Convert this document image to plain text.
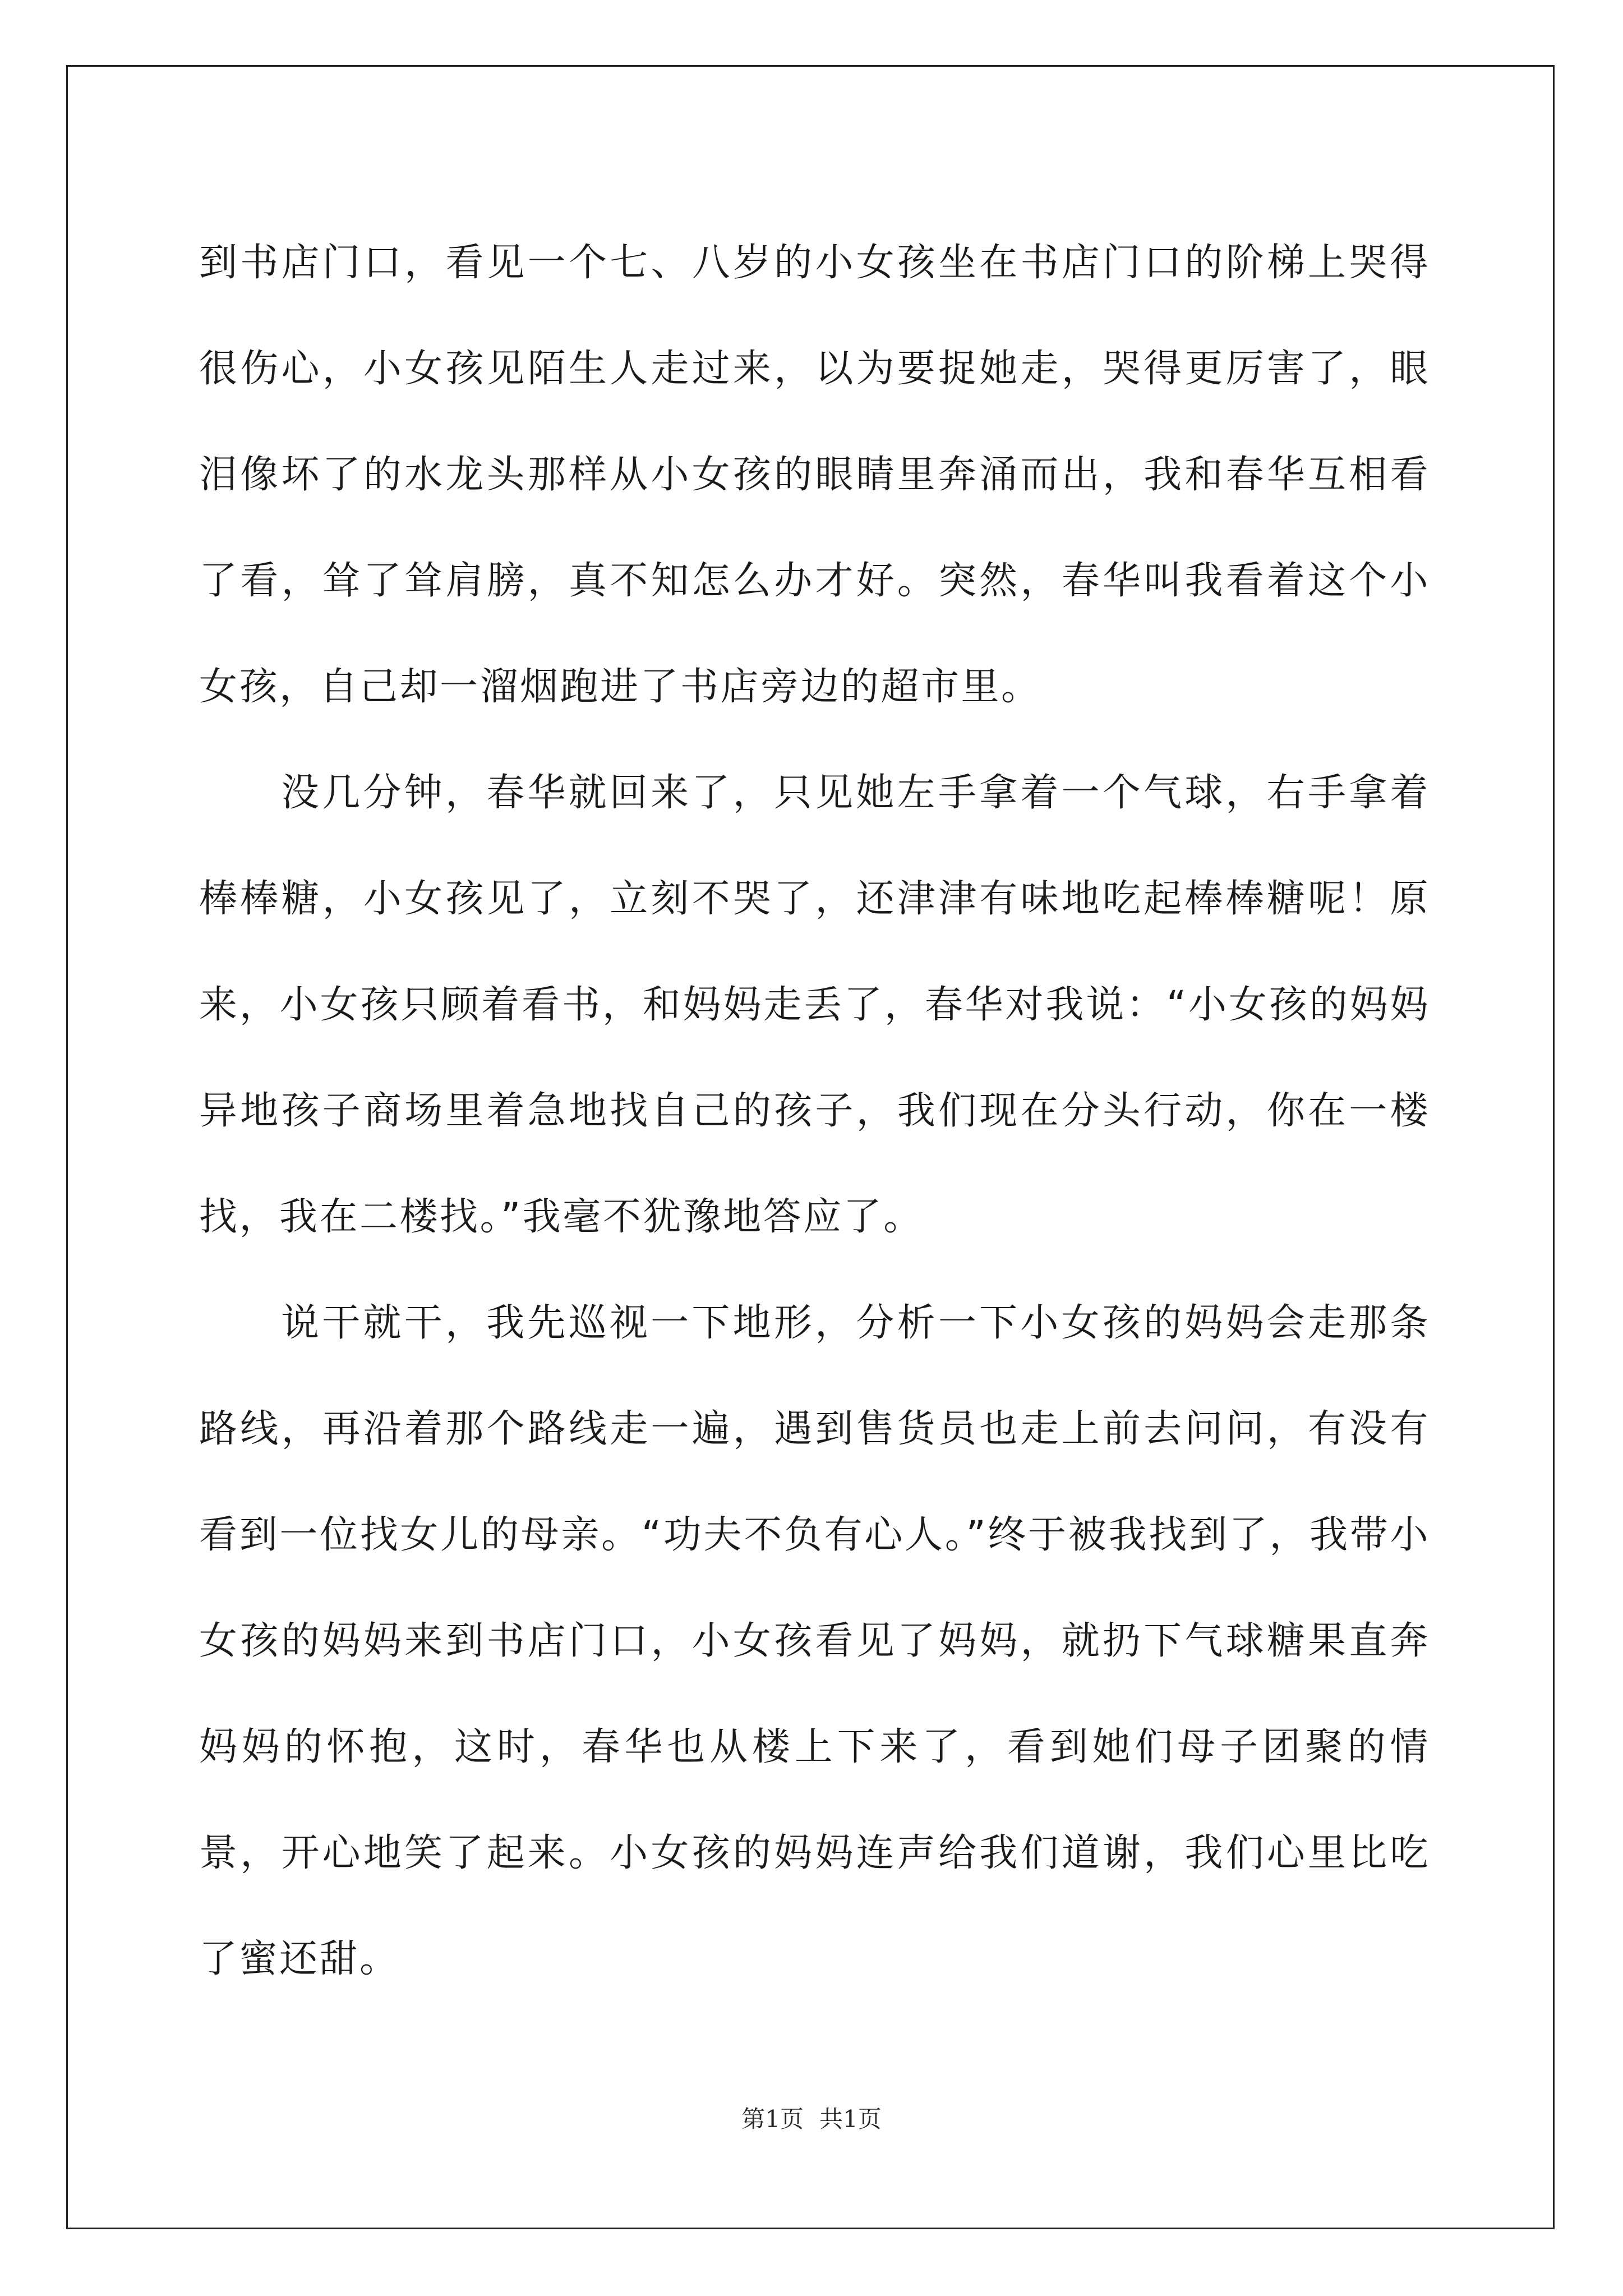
到书店门口，看见一个七、八岁的小女孩坐在书店门口的阶梯上哭得很伤心，小女孩见陌生人走过来，以为要捉她走，哭得更厉害了，眼泪像坏了的水龙头那样从小女孩的眼睛里奔涌而出，我和春华互相看了看，耸了耸肩膀，真不知怎么办才好。突然，春华叫我看着这个小女孩，自己却一溜烟跑进了书店旁边的超市里。

没几分钟，春华就回来了，只见她左手拿着一个气球，右手拿着棒棒糖，小女孩见了，立刻不哭了，还津津有味地吃起棒棒糖呢！原来，小女孩只顾着看书，和妈妈走丢了，春华对我说：“小女孩的妈妈异地孩子商场里着急地找自己的孩子，我们现在分头行动，你在一楼找，我在二楼找。”我毫不犹豫地答应了。

说干就干，我先巡视一下地形，分析一下小女孩的妈妈会走那条路线，再沿着那个路线走一遍，遇到售货员也走上前去问问，有没有看到一位找女儿的母亲。“功夫不负有心人。”终于被我找到了，我带小女孩的妈妈来到书店门口，小女孩看见了妈妈，就扔下气球糖果直奔妈妈的怀抱，这时，春华也从楼上下来了，看到她们母子团聚的情景，开心地笑了起来。小女孩的妈妈连声给我们道谢，我们心里比吃了蜜还甜。

第1页 共1页
